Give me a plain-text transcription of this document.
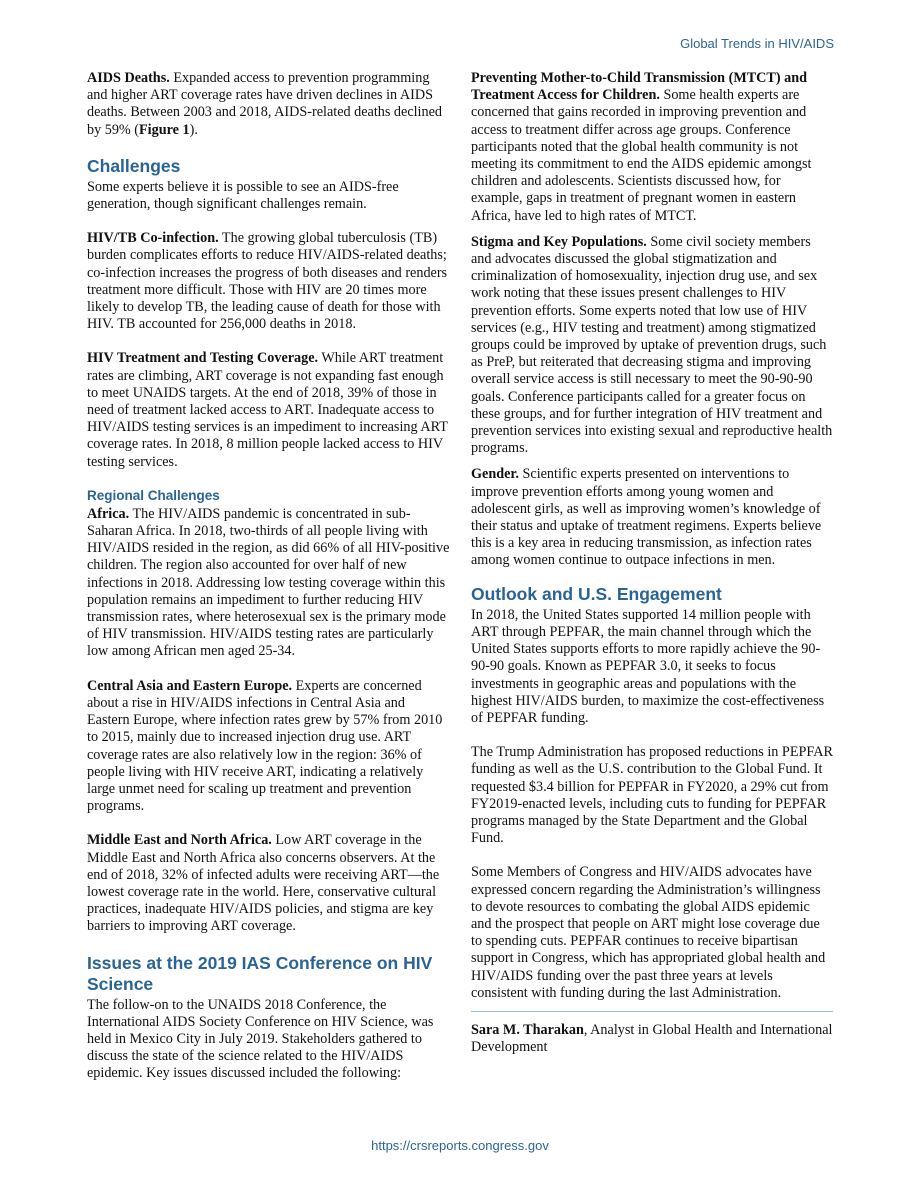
Global Trends in HIV/AIDS

AIDS Deaths. Expanded access to prevention programming and higher ART coverage rates have driven declines in AIDS deaths. Between 2003 and 2018, AIDS-related deaths declined by 59% (Figure 1).

Challenges

Some experts believe it is possible to see an AIDS-free generation, though significant challenges remain.

HIV/TB Co-infection. The growing global tuberculosis (TB) burden complicates efforts to reduce HIV/AIDS-related deaths; co-infection increases the progress of both diseases and renders treatment more difficult. Those with HIV are 20 times more likely to develop TB, the leading cause of death for those with HIV. TB accounted for 256,000 deaths in 2018.

HIV Treatment and Testing Coverage. While ART treatment rates are climbing, ART coverage is not expanding fast enough to meet UNAIDS targets. At the end of 2018, 39% of those in need of treatment lacked access to ART. Inadequate access to HIV/AIDS testing services is an impediment to increasing ART coverage rates. In 2018, 8 million people lacked access to HIV testing services.

Regional Challenges

Africa. The HIV/AIDS pandemic is concentrated in sub-Saharan Africa. In 2018, two-thirds of all people living with HIV/AIDS resided in the region, as did 66% of all HIV-positive children. The region also accounted for over half of new infections in 2018. Addressing low testing coverage within this population remains an impediment to further reducing HIV transmission rates, where heterosexual sex is the primary mode of HIV transmission. HIV/AIDS testing rates are particularly low among African men aged 25-34.

Central Asia and Eastern Europe. Experts are concerned about a rise in HIV/AIDS infections in Central Asia and Eastern Europe, where infection rates grew by 57% from 2010 to 2015, mainly due to increased injection drug use. ART coverage rates are also relatively low in the region: 36% of people living with HIV receive ART, indicating a relatively large unmet need for scaling up treatment and prevention programs.

Middle East and North Africa. Low ART coverage in the Middle East and North Africa also concerns observers. At the end of 2018, 32% of infected adults were receiving ART—the lowest coverage rate in the world. Here, conservative cultural practices, inadequate HIV/AIDS policies, and stigma are key barriers to improving ART coverage.

Issues at the 2019 IAS Conference on HIV Science

The follow-on to the UNAIDS 2018 Conference, the International AIDS Society Conference on HIV Science, was held in Mexico City in July 2019. Stakeholders gathered to discuss the state of the science related to the HIV/AIDS epidemic. Key issues discussed included the following:

Preventing Mother-to-Child Transmission (MTCT) and Treatment Access for Children. Some health experts are concerned that gains recorded in improving prevention and access to treatment differ across age groups. Conference participants noted that the global health community is not meeting its commitment to end the AIDS epidemic amongst children and adolescents. Scientists discussed how, for example, gaps in treatment of pregnant women in eastern Africa, have led to high rates of MTCT.

Stigma and Key Populations. Some civil society members and advocates discussed the global stigmatization and criminalization of homosexuality, injection drug use, and sex work noting that these issues present challenges to HIV prevention efforts. Some experts noted that low use of HIV services (e.g., HIV testing and treatment) among stigmatized groups could be improved by uptake of prevention drugs, such as PreP, but reiterated that decreasing stigma and improving overall service access is still necessary to meet the 90-90-90 goals. Conference participants called for a greater focus on these groups, and for further integration of HIV treatment and prevention services into existing sexual and reproductive health programs.

Gender. Scientific experts presented on interventions to improve prevention efforts among young women and adolescent girls, as well as improving women’s knowledge of their status and uptake of treatment regimens. Experts believe this is a key area in reducing transmission, as infection rates among women continue to outpace infections in men.

Outlook and U.S. Engagement

In 2018, the United States supported 14 million people with ART through PEPFAR, the main channel through which the United States supports efforts to more rapidly achieve the 90-90-90 goals. Known as PEPFAR 3.0, it seeks to focus investments in geographic areas and populations with the highest HIV/AIDS burden, to maximize the cost-effectiveness of PEPFAR funding.

The Trump Administration has proposed reductions in PEPFAR funding as well as the U.S. contribution to the Global Fund. It requested $3.4 billion for PEPFAR in FY2020, a 29% cut from FY2019-enacted levels, including cuts to funding for PEPFAR programs managed by the State Department and the Global Fund.

Some Members of Congress and HIV/AIDS advocates have expressed concern regarding the Administration’s willingness to devote resources to combating the global AIDS epidemic and the prospect that people on ART might lose coverage due to spending cuts. PEPFAR continues to receive bipartisan support in Congress, which has appropriated global health and HIV/AIDS funding over the past three years at levels consistent with funding during the last Administration.

Sara M. Tharakan, Analyst in Global Health and International Development

https://crsreports.congress.gov
